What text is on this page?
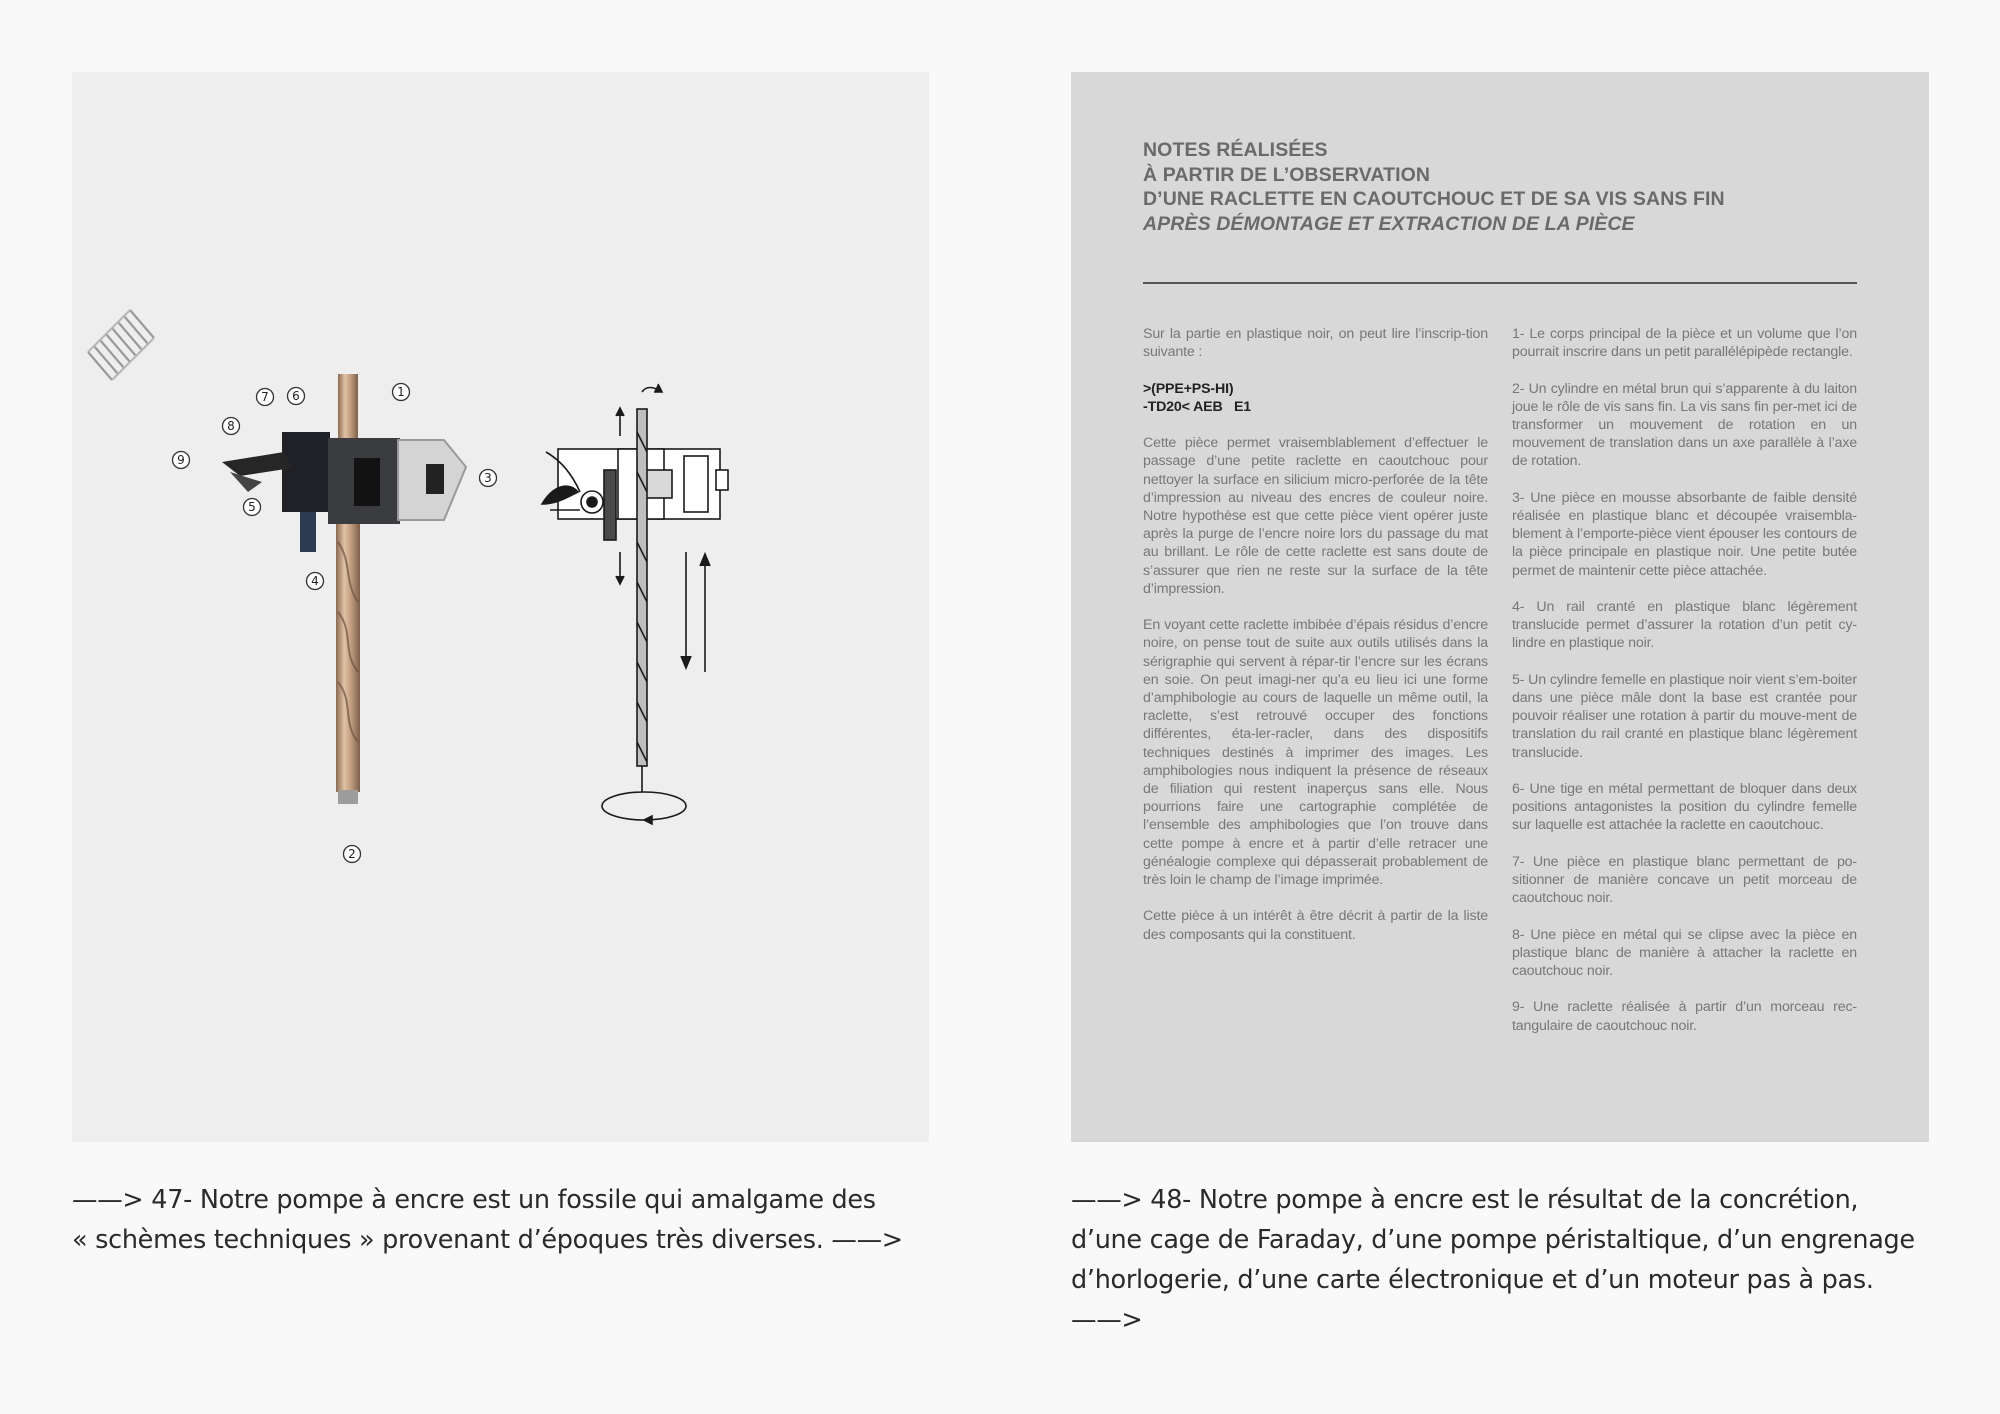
1
2
3
4
5
6
7
8
9
NOTES RÉALISÉES
À PARTIR DE L’OBSERVATION
D’UNE RACLETTE EN CAOUTCHOUC ET DE SA VIS SANS FIN
APRÈS DÉMONTAGE ET EXTRACTION DE LA PIÈCE

Sur la partie en plastique noir, on peut lire l’inscrip-tion suivante :

>(PPE+PS-HI)
-TD20< AEB E1

Cette pièce permet vraisemblablement d’effectuer le passage d’une petite raclette en caoutchouc pour nettoyer la surface en silicium micro-perforée de la tête d’impression au niveau des encres de couleur noire. Notre hypothèse est que cette pièce vient opérer juste après la purge de l’encre noire lors du passage du mat au brillant. Le rôle de cette raclette est sans doute de s’assurer que rien ne reste sur la surface de la tête d’impression.

En voyant cette raclette imbibée d’épais résidus d’encre noire, on pense tout de suite aux outils utilisés dans la sérigraphie qui servent à répar-tir l’encre sur les écrans en soie. On peut imagi-ner qu’a eu lieu ici une forme d’amphibologie au cours de laquelle un même outil, la raclette, s’est retrouvé occuper des fonctions différentes, éta-ler-racler, dans des dispositifs techniques destinés à imprimer des images. Les amphibologies nous indiquent la présence de réseaux de filiation qui restent inaperçus sans elle. Nous pourrions faire une cartographie complétée de l’ensemble des amphibologies que l’on trouve dans cette pompe à encre et à partir d’elle retracer une généalogie complexe qui dépasserait probablement de très loin le champ de l’image imprimée.

Cette pièce à un intérêt à être décrit à partir de la liste des composants qui la constituent.

1- Le corps principal de la pièce et un volume que l’on pourrait inscrire dans un petit parallélépipède rectangle.

2- Un cylindre en métal brun qui s’apparente à du laiton joue le rôle de vis sans fin. La vis sans fin per-met ici de transformer un mouvement de rotation en un mouvement de translation dans un axe parallèle à l’axe de rotation.

3- Une pièce en mousse absorbante de faible densité réalisée en plastique blanc et découpée vraisembla-blement à l’emporte-pièce vient épouser les contours de la pièce principale en plastique noir. Une petite butée permet de maintenir cette pièce attachée.

4- Un rail cranté en plastique blanc légèrement translucide permet d’assurer la rotation d’un petit cy-lindre en plastique noir.

5- Un cylindre femelle en plastique noir vient s’em-boiter dans une pièce mâle dont la base est crantée pour pouvoir réaliser une rotation à partir du mouve-ment de translation du rail cranté en plastique blanc légèrement translucide.

6- Une tige en métal permettant de bloquer dans deux positions antagonistes la position du cylindre femelle sur laquelle est attachée la raclette en caoutchouc.

7- Une pièce en plastique blanc permettant de po-sitionner de manière concave un petit morceau de caoutchouc noir.

8- Une pièce en métal qui se clipse avec la pièce en plastique blanc de manière à attacher la raclette en caoutchouc noir.

9- Une raclette réalisée à partir d’un morceau rec-tangulaire de caoutchouc noir.

——> 47- Notre pompe à encre est un fossile qui amalgame des
« schèmes techniques » provenant d’époques très diverses. ——>
——> 48- Notre pompe à encre est le résultat de la concrétion,
d’une cage de Faraday, d’une pompe péristaltique, d’un engrenage
d’horlogerie, d’une carte électronique et d’un moteur pas à pas.
——>
